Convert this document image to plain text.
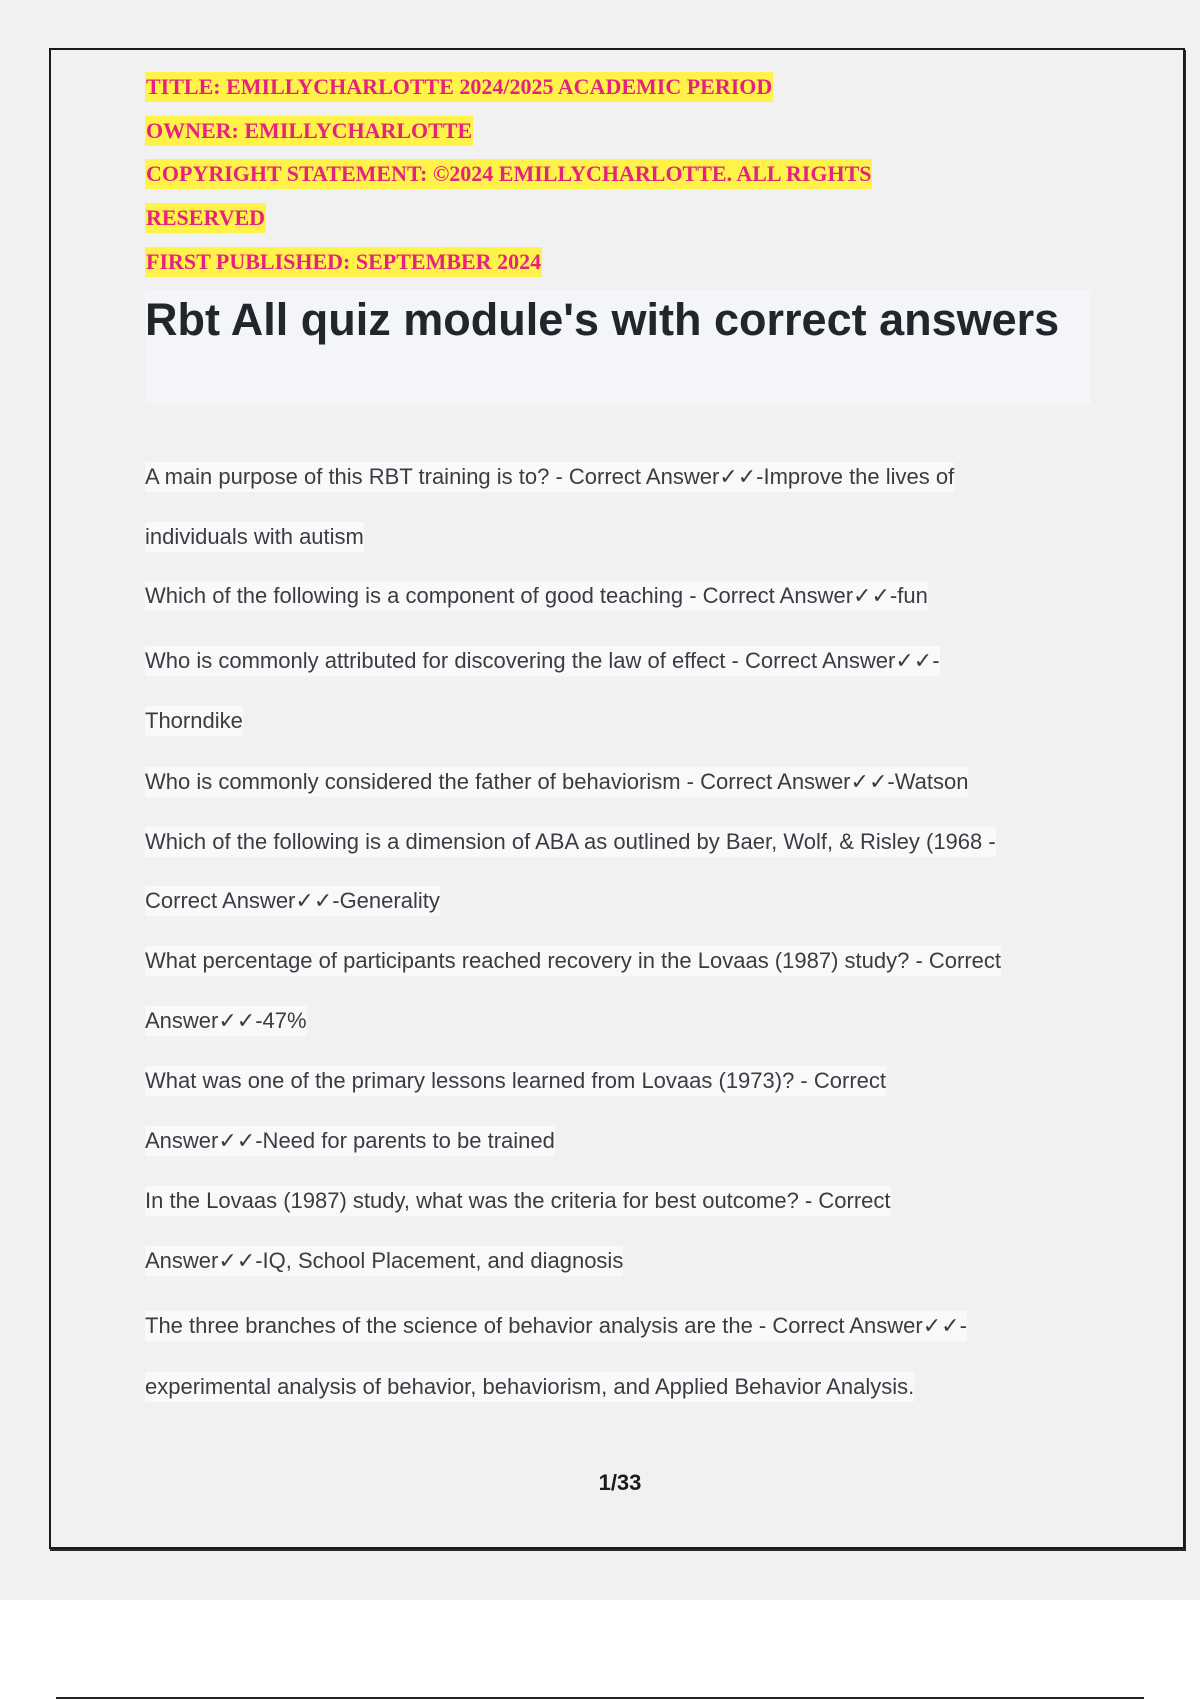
TITLE: EMILLYCHARLOTTE 2024/2025 ACADEMIC PERIOD
OWNER: EMILLYCHARLOTTE
COPYRIGHT STATEMENT: ©2024 EMILLYCHARLOTTE. ALL RIGHTS
RESERVED
FIRST PUBLISHED: SEPTEMBER 2024
Rbt All quiz module's with correct answers
A main purpose of this RBT training is to? - Correct Answer✓✓-Improve the lives of
individuals with autism
Which of the following is a component of good teaching - Correct Answer✓✓-fun
Who is commonly attributed for discovering the law of effect - Correct Answer✓✓-
Thorndike
Who is commonly considered the father of behaviorism - Correct Answer✓✓-Watson
Which of the following is a dimension of ABA as outlined by Baer, Wolf, & Risley (1968 -
Correct Answer✓✓-Generality
What percentage of participants reached recovery in the Lovaas (1987) study? - Correct
Answer✓✓-47%
What was one of the primary lessons learned from Lovaas (1973)? - Correct
Answer✓✓-Need for parents to be trained
In the Lovaas (1987) study, what was the criteria for best outcome? - Correct
Answer✓✓-IQ, School Placement, and diagnosis
The three branches of the science of behavior analysis are the - Correct Answer✓✓-
experimental analysis of behavior, behaviorism, and Applied Behavior Analysis.
1/33
